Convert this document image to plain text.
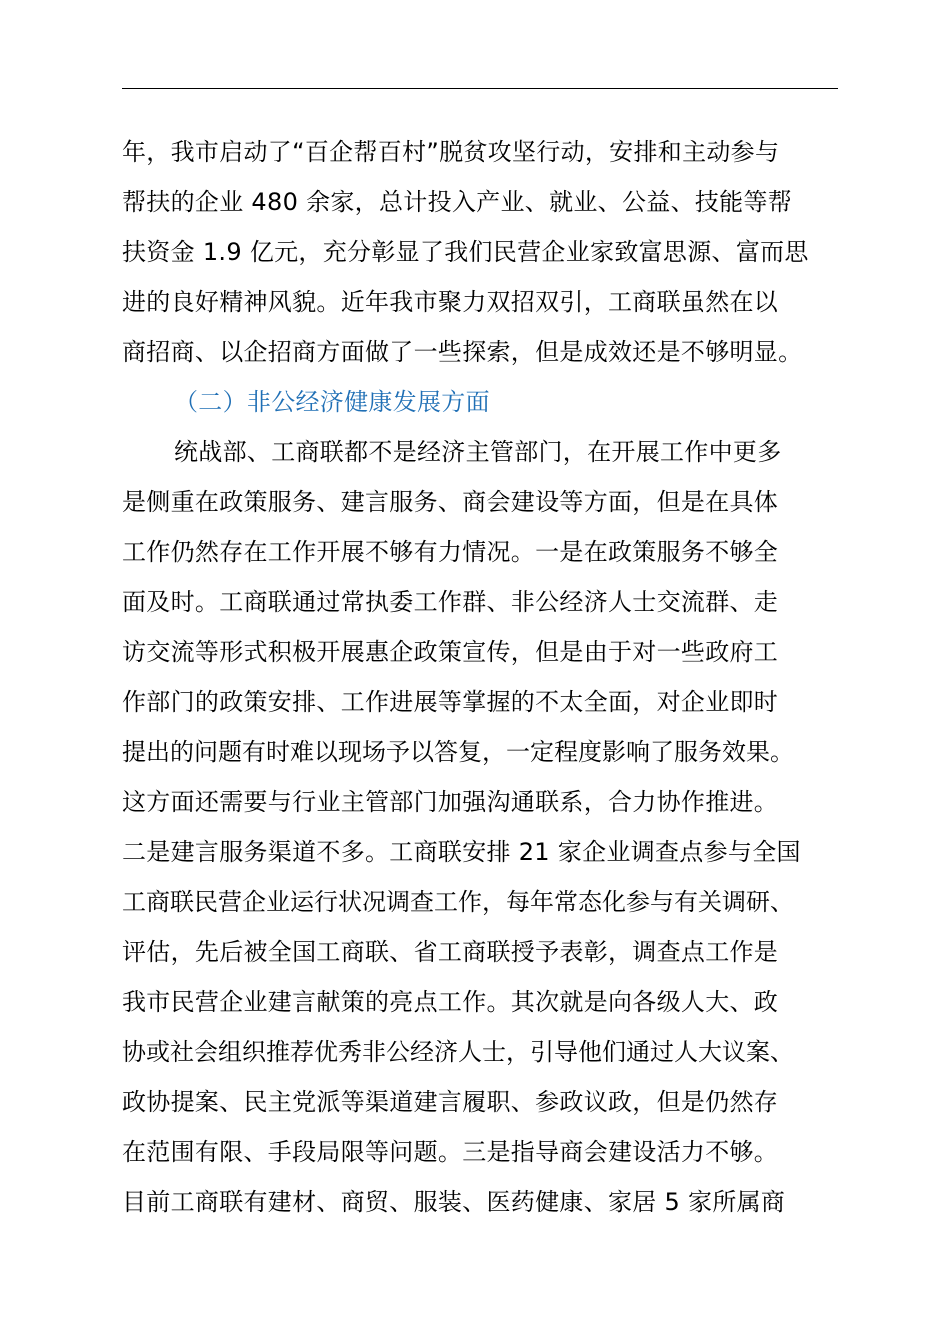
年，我市启动了“百企帮百村”脱贫攻坚行动，安排和主动参与
帮扶的企业 480 余家，总计投入产业、就业、公益、技能等帮
扶资金 1.9 亿元，充分彰显了我们民营企业家致富思源、富而思
进的良好精神风貌。近年我市聚力双招双引，工商联虽然在以
商招商、以企招商方面做了一些探索，但是成效还是不够明显。
（二）非公经济健康发展方面
统战部、工商联都不是经济主管部门，在开展工作中更多
是侧重在政策服务、建言服务、商会建设等方面，但是在具体
工作仍然存在工作开展不够有力情况。一是在政策服务不够全
面及时。工商联通过常执委工作群、非公经济人士交流群、走
访交流等形式积极开展惠企政策宣传，但是由于对一些政府工
作部门的政策安排、工作进展等掌握的不太全面，对企业即时
提出的问题有时难以现场予以答复，一定程度影响了服务效果。
这方面还需要与行业主管部门加强沟通联系，合力协作推进。
二是建言服务渠道不多。工商联安排 21 家企业调查点参与全国
工商联民营企业运行状况调查工作，每年常态化参与有关调研、
评估，先后被全国工商联、省工商联授予表彰，调查点工作是
我市民营企业建言献策的亮点工作。其次就是向各级人大、政
协或社会组织推荐优秀非公经济人士，引导他们通过人大议案、
政协提案、民主党派等渠道建言履职、参政议政，但是仍然存
在范围有限、手段局限等问题。三是指导商会建设活力不够。
目前工商联有建材、商贸、服装、医药健康、家居 5 家所属商
